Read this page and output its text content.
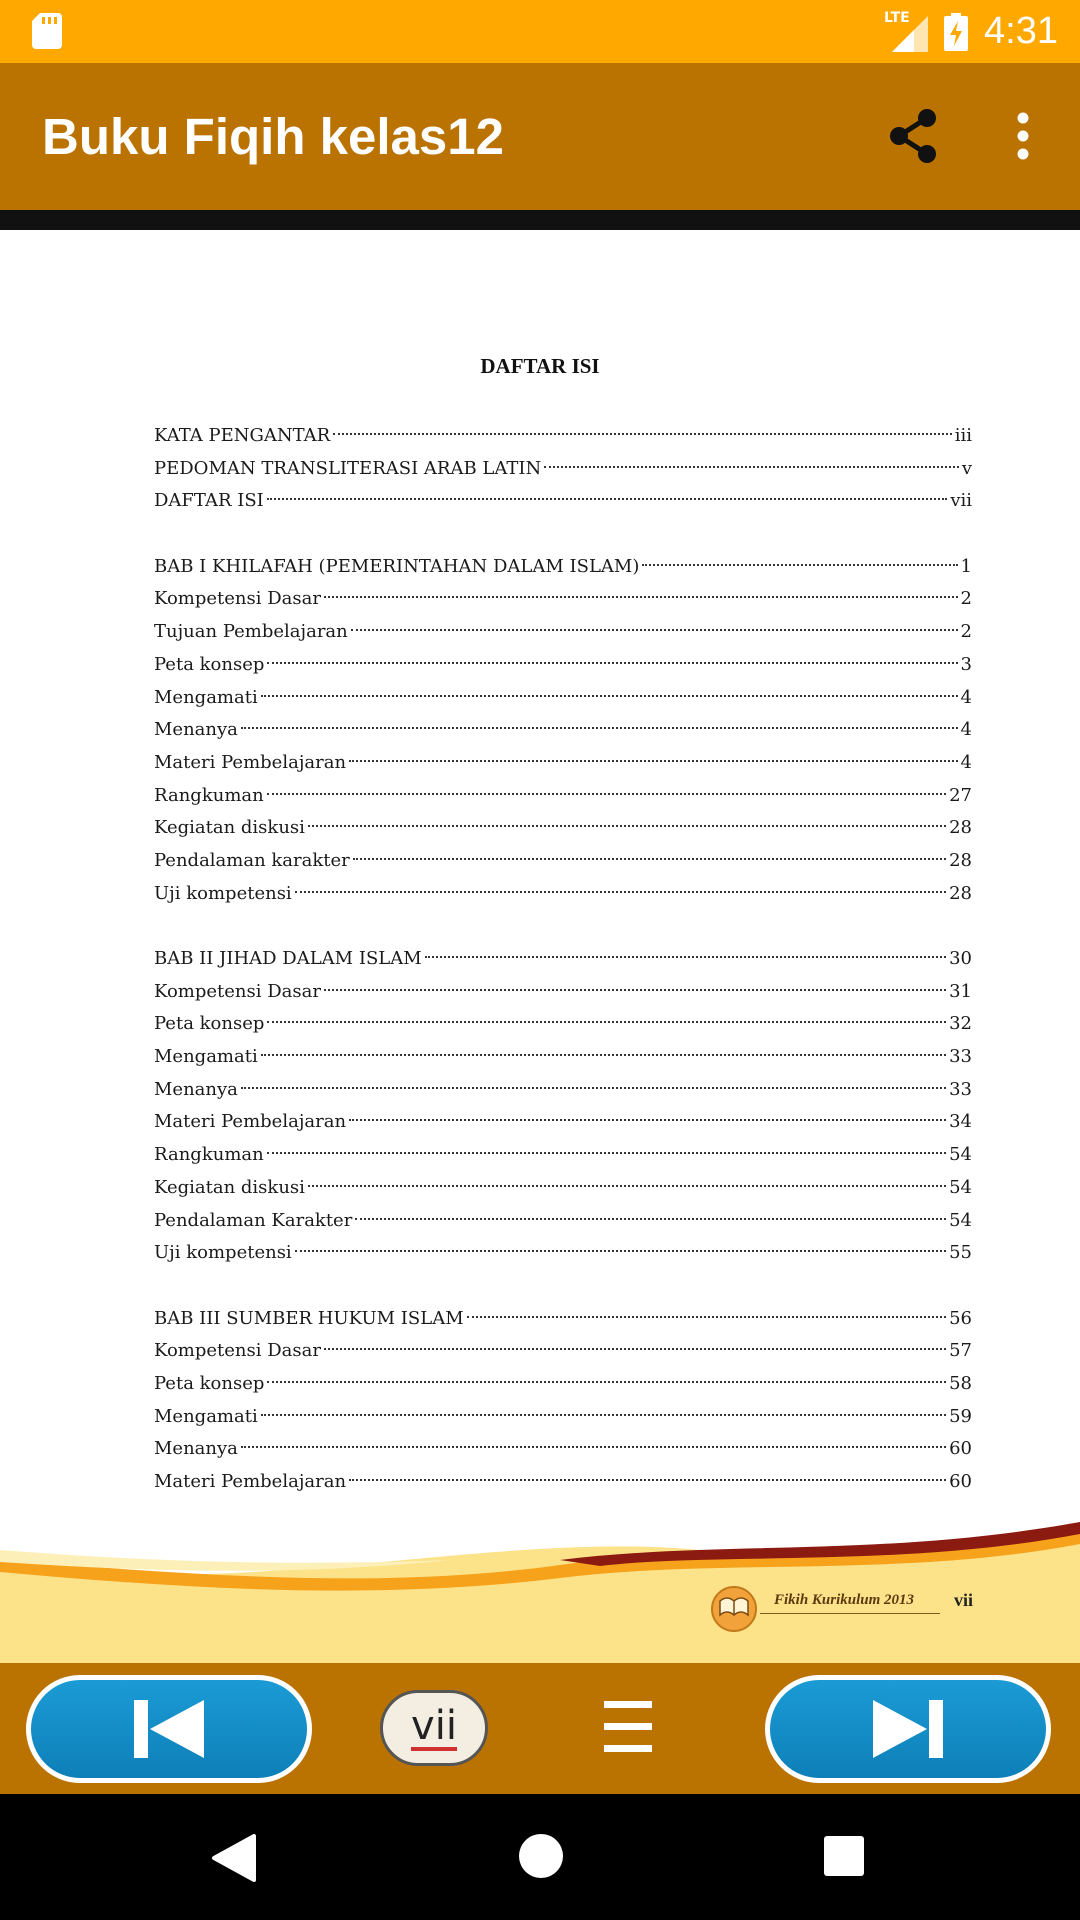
LTE 4:31
Buku Fiqih kelas12
DAFTAR ISI
KATA PENGANTAR	iii
PEDOMAN TRANSLITERASI ARAB LATIN	v
DAFTAR ISI	vii
BAB I KHILAFAH (PEMERINTAHAN DALAM ISLAM)	1
Kompetensi Dasar	2
Tujuan Pembelajaran	2
Peta konsep	3
Mengamati	4
Menanya	4
Materi Pembelajaran	4
Rangkuman	27
Kegiatan diskusi	28
Pendalaman karakter	28
Uji kompetensi	28
BAB II JIHAD DALAM ISLAM	30
Kompetensi Dasar	31
Peta konsep	32
Mengamati	33
Menanya	33
Materi Pembelajaran	34
Rangkuman	54
Kegiatan diskusi	54
Pendalaman Karakter	54
Uji kompetensi	55
BAB III SUMBER HUKUM ISLAM	56
Kompetensi Dasar	57
Peta konsep	58
Mengamati	59
Menanya	60
Materi Pembelajaran	60
Fikih Kurikulum 2013 vii
vii
